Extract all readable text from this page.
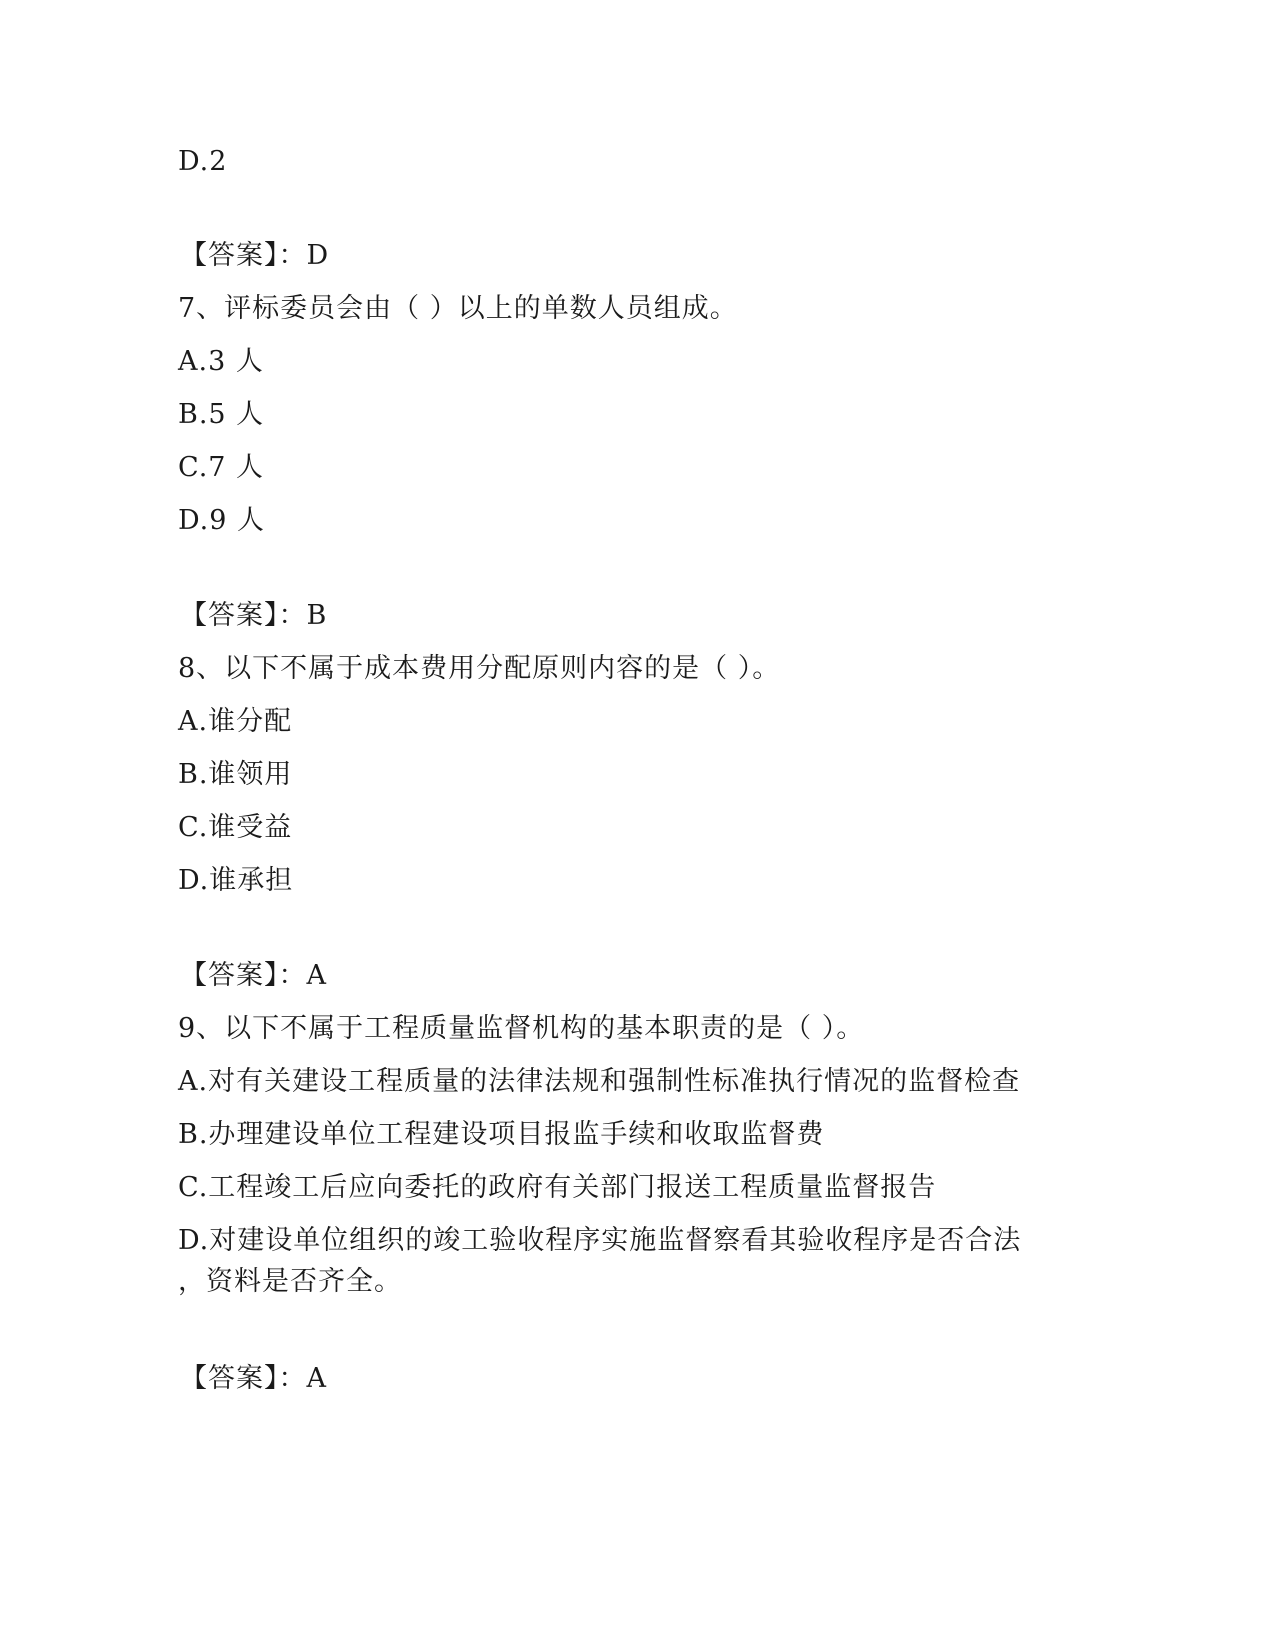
D.2
【答案】：D
7、评标委员会由（ ）以上的单数人员组成。
A.3 人
B.5 人
C.7 人
D.9 人
【答案】：B
8、以下不属于成本费用分配原则内容的是（ ）。
A.谁分配
B.谁领用
C.谁受益
D.谁承担
【答案】：A
9、以下不属于工程质量监督机构的基本职责的是（ ）。
A.对有关建设工程质量的法律法规和强制性标准执行情况的监督检查
B.办理建设单位工程建设项目报监手续和收取监督费
C.工程竣工后应向委托的政府有关部门报送工程质量监督报告
D.对建设单位组织的竣工验收程序实施监督察看其验收程序是否合法
，资料是否齐全。
【答案】：A
